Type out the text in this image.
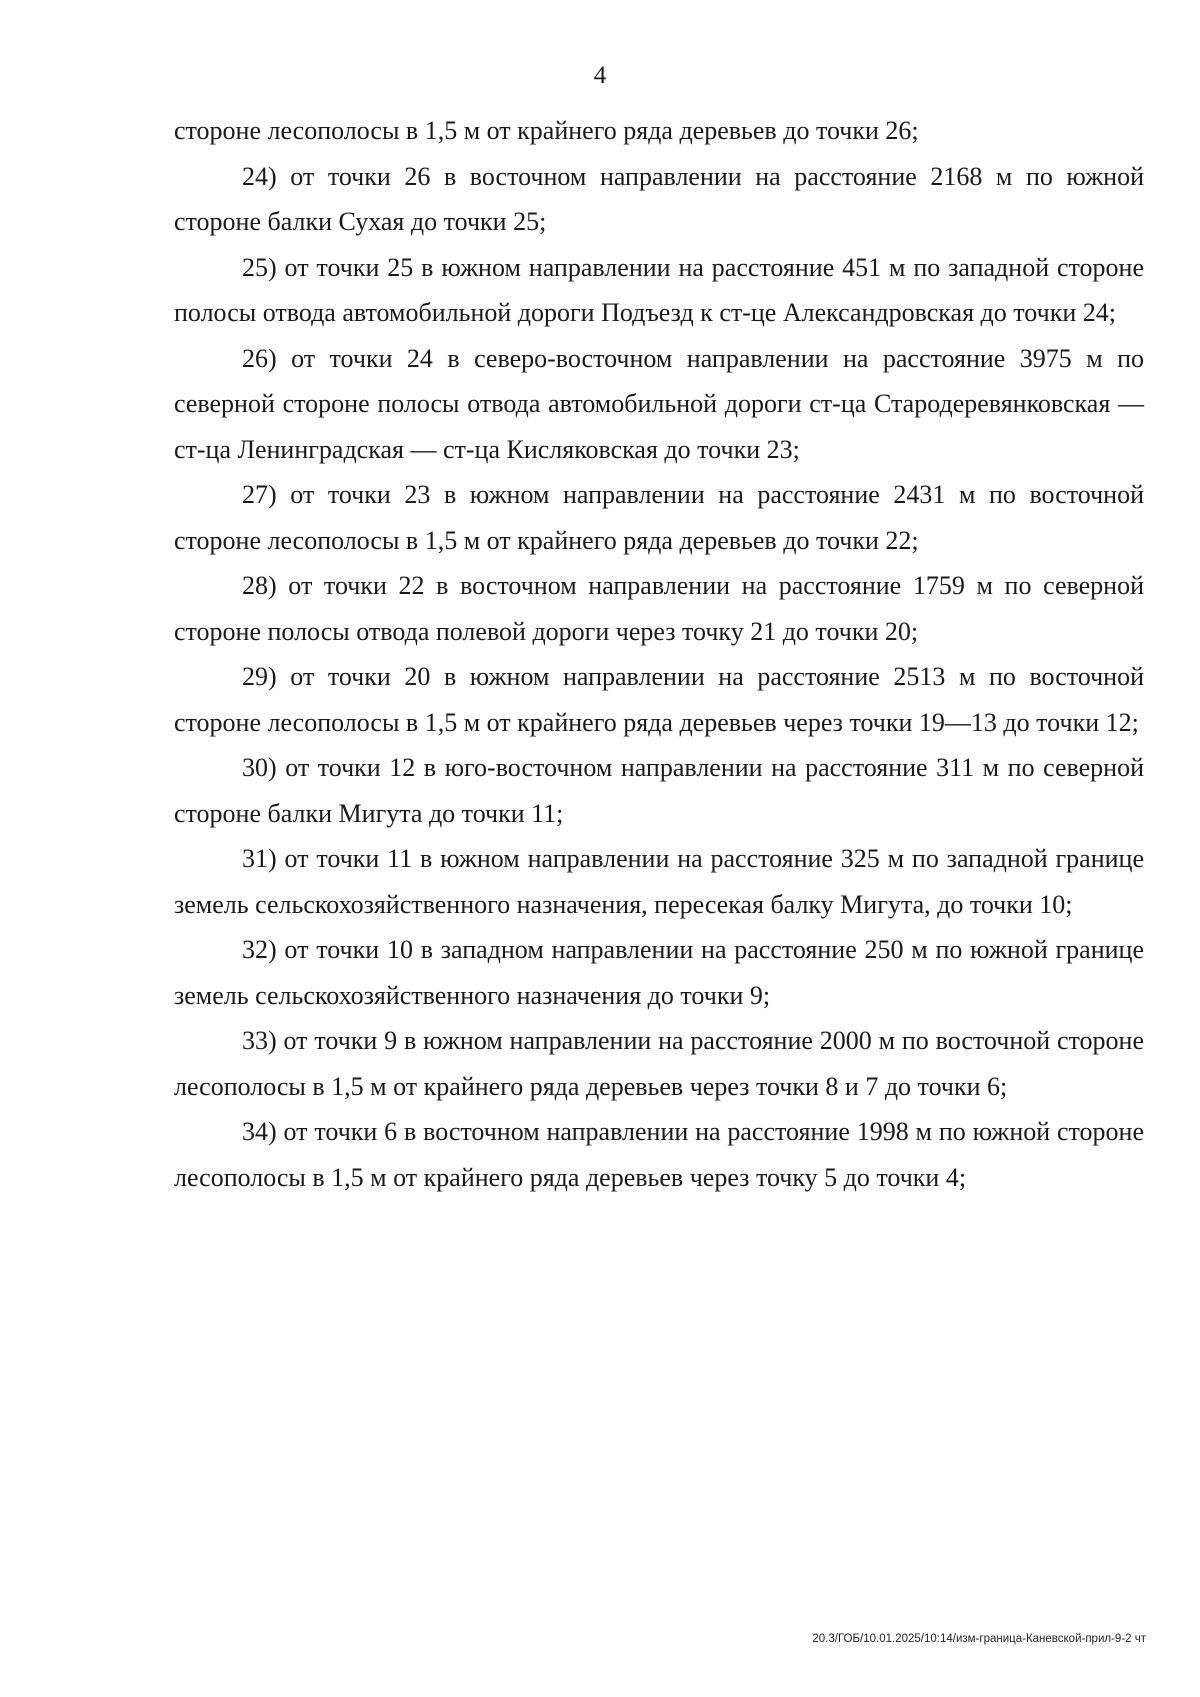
4

стороне лесополосы в 1,5 м от крайнего ряда деревьев до точки 26;

24) от точки 26 в восточном направлении на расстояние 2168 м по южной стороне балки Сухая до точки 25;

25) от точки 25 в южном направлении на расстояние 451 м по западной стороне полосы отвода автомобильной дороги Подъезд к ст-це Александровская до точки 24;

26) от точки 24 в северо-восточном направлении на расстояние 3975 м по северной стороне полосы отвода автомобильной дороги ст-ца Стародеревянковская — ст-ца Ленинградская — ст-ца Кисляковская до точки 23;

27) от точки 23 в южном направлении на расстояние 2431 м по восточной стороне лесополосы в 1,5 м от крайнего ряда деревьев до точки 22;

28) от точки 22 в восточном направлении на расстояние 1759 м по северной стороне полосы отвода полевой дороги через точку 21 до точки 20;

29) от точки 20 в южном направлении на расстояние 2513 м по восточной стороне лесополосы в 1,5 м от крайнего ряда деревьев через точки 19—13 до точки 12;

30) от точки 12 в юго-восточном направлении на расстояние 311 м по северной стороне балки Мигута до точки 11;

31) от точки 11 в южном направлении на расстояние 325 м по западной границе земель сельскохозяйственного назначения, пересекая балку Мигута, до точки 10;

32) от точки 10 в западном направлении на расстояние 250 м по южной границе земель сельскохозяйственного назначения до точки 9;

33) от точки 9 в южном направлении на расстояние 2000 м по восточной стороне лесополосы в 1,5 м от крайнего ряда деревьев через точки 8 и 7 до точки 6;

34) от точки 6 в восточном направлении на расстояние 1998 м по южной стороне лесополосы в 1,5 м от крайнего ряда деревьев через точку 5 до точки 4;

20.3/ГОБ/10.01.2025/10:14/изм-граница-Каневской-прил-9-2 чт
